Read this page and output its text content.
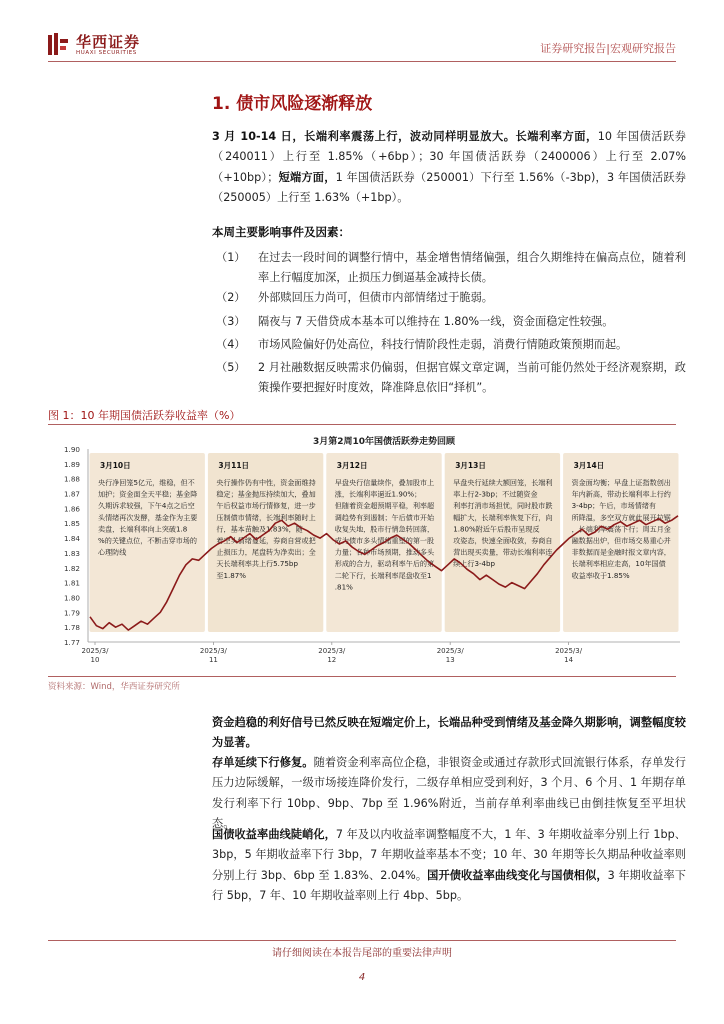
华西证券
HUAXI SECURITIES	证券研究报告|宏观研究报告
1. 债市风险逐渐释放
3 月 10-14 日，长端利率震荡上行，波动同样明显放大。长端利率方面，10 年国债活跃券（240011）上行至 1.85%（+6bp）；30 年国债活跃券（2400006）上行至 2.07%（+10bp）；短端方面，1 年国债活跃券（250001）下行至 1.56%（-3bp)，3 年国债活跃券（250005）上行至 1.63%（+1bp）。
本周主要影响事件及因素：
（1）	在过去一段时间的调整行情中，基金增售情绪偏强，组合久期维持在偏高点位，随着利率上行幅度加深，止损压力倒逼基金减持长债。
（2）	外部赎回压力尚可，但债市内部情绪过于脆弱。
（3）	隔夜与 7 天借贷成本基本可以维持在 1.80%一线，资金面稳定性较强。
（4）	市场风险偏好仍处高位，科技行情阶段性走弱，消费行情随政策预期而起。
（5）	2 月社融数据反映需求仍偏弱，但据官媒文章定调，当前可能仍然处于经济观察期，政策操作要把握好时度效，降准降息依旧“择机”。
图 1：10 年期国债活跃券收益率（%）
3月第2周10年国债活跃券走势回顾
1.90
1.89
1.88
1.87
1.86
1.85
1.84
1.83
1.82
1.81
1.80
1.79
1.78
1.77
2025/3/
10
2025/3/
11
2025/3/
12
2025/3/
13
2025/3/
14
3月10日
央行净回笼5亿元，维稳，但不加护；资金面全天平稳；基金降久期诉求较强，下午4点之后空头情绪再次发酵，基金作为主要卖盘，长端利率向上突破1.8 %的关键点位，不断击穿市场的心理防线
3月11日
央行操作仍有中性，资金面维持稳定；基金抛压持续加大，叠加午后权益市场行情修复，进一步压制债市情绪，长端利率随时上行，基本苗触及1.83%，随着空头情绪蔓延，券商自营或把止损压力，尾盘转为净卖出；全天长端利率共上行5.75bp 至1.87%
3月12日
早盘央行信量续作，叠加股市上涨，长端利率逼近1.90%；但随着资金超预期平稳，利率超调趋势有到遏制；午后债市开始收复失地，股市行情急转回落，成为债市多头情绪重塑的第一股力量；各种市场预期，推动多头形成的合力，驱动利率午后的第二轮下行，长端利率尾盘收至1 .81%
3月13日
早盘央行延续大额回笼，长端利率上行2-3bp；不过随资金利率打消市场担忧，同时股市跌幅扩大，长端利率恢复下行，向 1.80%附近午后股市呈现反攻姿态，快速全面收敛，券商自营出现买卖量，带动长端利率连续上行3-4bp
3月14日
资金面均衡；早盘上证指数创出年内新高，带动长端利率上行约 3-4bp；午后，市场情绪有所降温，多空双方就此展开拉锯，长端利率震荡下行；周五月金融数据出炉，但市场交易重心并非数据而是金融时报文章内容，长端利率相应走高，10年国债收益率收于1.85%
资料来源：Wind，华西证券研究所
资金趋稳的利好信号已然反映在短端定价上，长端品种受到情绪及基金降久期影响，调整幅度较为显著。
存单延续下行修复。随着资金利率高位企稳，非银资金或通过存款形式回流银行体系，存单发行压力边际缓解，一级市场接连降价发行，二级存单相应受到利好，3 个月、6 个月、1 年期存单发行利率下行 10bp、9bp、7bp 至 1.96%附近，当前存单利率曲线已由倒挂恢复至平坦状态。
国债收益率曲线陡峭化，7 年及以内收益率调整幅度不大，1 年、3 年期收益率分别上行 1bp、3bp，5 年期收益率下行 3bp，7 年期收益率基本不变；10 年、30 年期等长久期品种收益率则分别上行 3bp、6bp 至 1.83%、2.04%。国开债收益率曲线变化与国债相似，3 年期收益率下行 5bp，7 年、10 年期收益率则上行 4bp、5bp。
请仔细阅读在本报告尾部的重要法律声明
4
